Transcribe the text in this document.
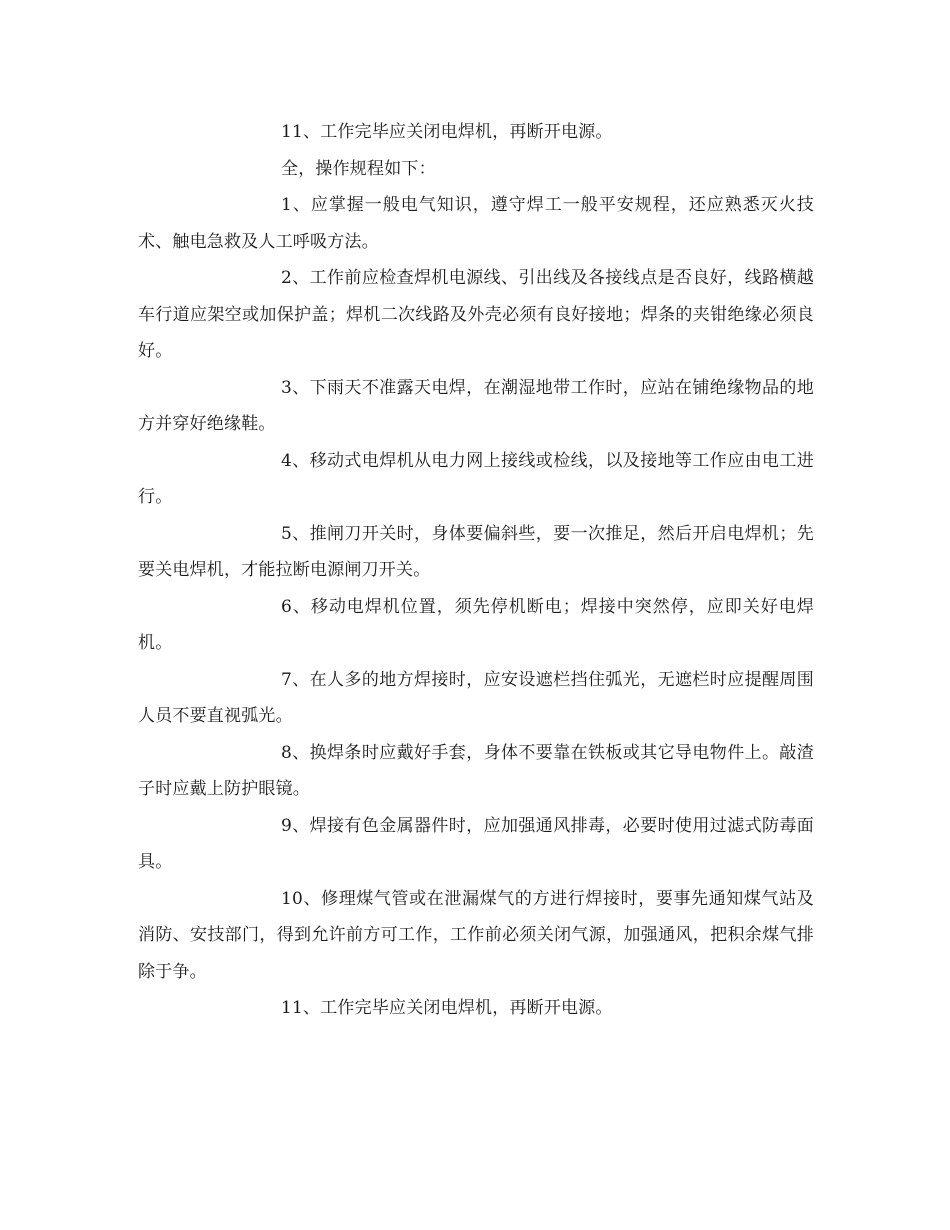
11、工作完毕应关闭电焊机，再断开电源。

全，操作规程如下：

1、应掌握一般电气知识，遵守焊工一般平安规程，还应熟悉灭火技术、触电急救及人工呼吸方法。

2、工作前应检查焊机电源线、引出线及各接线点是否良好，线路横越车行道应架空或加保护盖；焊机二次线路及外壳必须有良好接地；焊条的夹钳绝缘必须良好。

3、下雨天不准露天电焊，在潮湿地带工作时，应站在铺绝缘物品的地方并穿好绝缘鞋。

4、移动式电焊机从电力网上接线或检线，以及接地等工作应由电工进行。

5、推闸刀开关时，身体要偏斜些，要一次推足，然后开启电焊机；先要关电焊机，才能拉断电源闸刀开关。

6、移动电焊机位置，须先停机断电；焊接中突然停，应即关好电焊机。

7、在人多的地方焊接时，应安设遮栏挡住弧光，无遮栏时应提醒周围人员不要直视弧光。

8、换焊条时应戴好手套，身体不要靠在铁板或其它导电物件上。敲渣子时应戴上防护眼镜。

9、焊接有色金属器件时，应加强通风排毒，必要时使用过滤式防毒面具。

10、修理煤气管或在泄漏煤气的方进行焊接时，要事先通知煤气站及消防、安技部门，得到允许前方可工作，工作前必须关闭气源，加强通风，把积余煤气排除于争。

11、工作完毕应关闭电焊机，再断开电源。
